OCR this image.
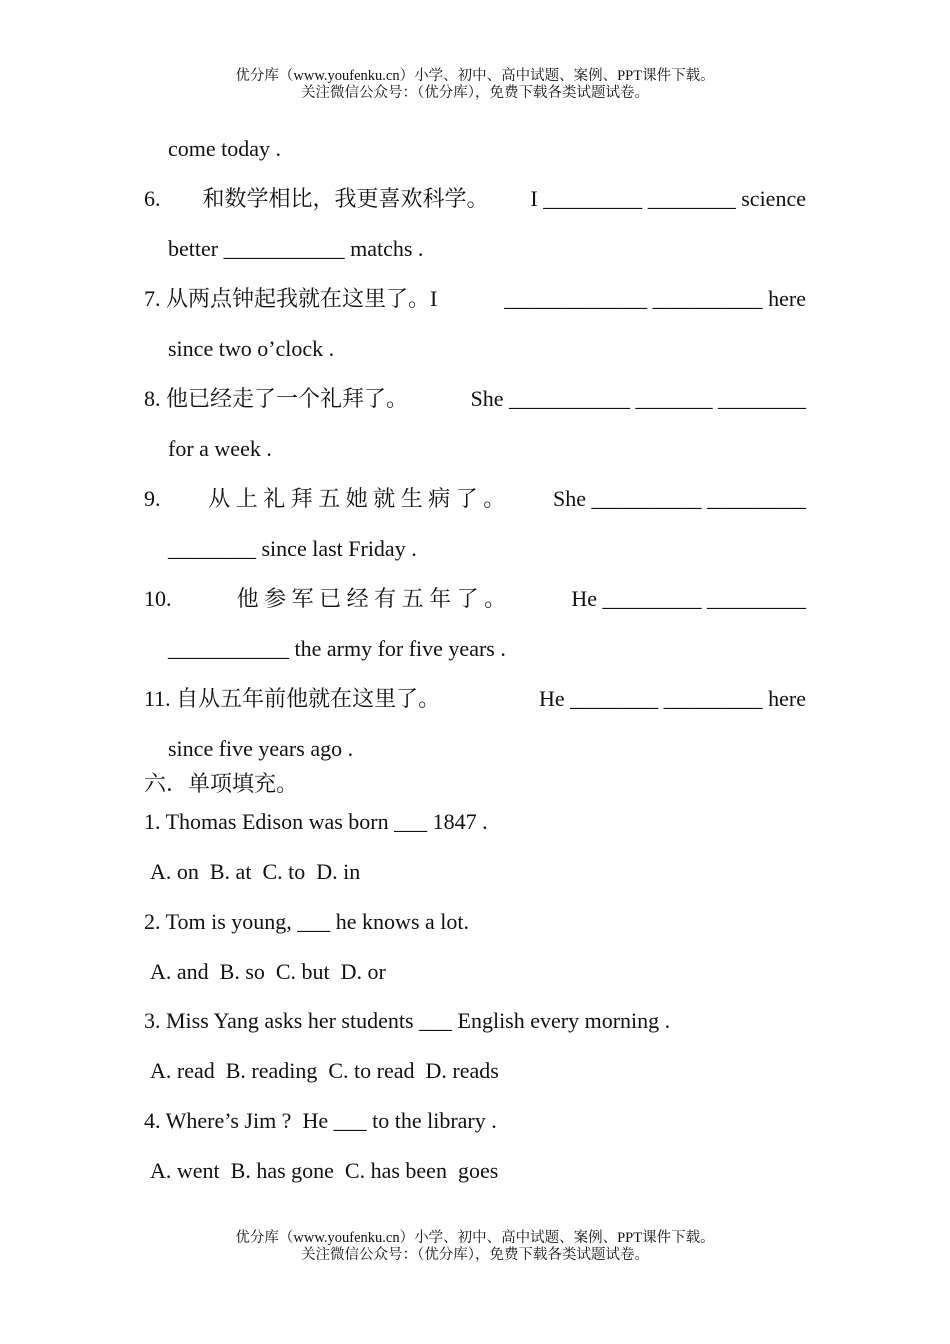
优分库（www.youfenku.cn）小学、初中、高中试题、案例、PPT课件下载。
关注微信公众号：（优分库），免费下载各类试题试卷。
come today .
6. 和数学相比，我更喜欢科学。 I _________ ________ science
better ___________ matchs .
7. 从两点钟起我就在这里了。I	_____________ __________ here
since two o’clock .
8. 他已经走了一个礼拜了。	She ___________ _______ ________
for a week .
9. 从 上 礼 拜 五 她 就 生 病 了 。 She __________ _________
________ since last Friday .
10.	他 参 军 已 经 有 五 年 了 。	He _________ _________
___________ the army for five years .
11. 自从五年前他就在这里了。	He ________ _________ here
since five years ago .
六．单项填充。
1. Thomas Edison was born ___ 1847 .
A. on  B. at  C. to  D. in
2. Tom is young, ___ he knows a lot.
A. and  B. so  C. but  D. or
3. Miss Yang asks her students ___ English every morning .
A. read  B. reading  C. to read  D. reads
4. Where’s Jim ?  He ___ to the library .
A. went  B. has gone  C. has been  goes
优分库（www.youfenku.cn）小学、初中、高中试题、案例、PPT课件下载。
关注微信公众号：（优分库），免费下载各类试题试卷。
